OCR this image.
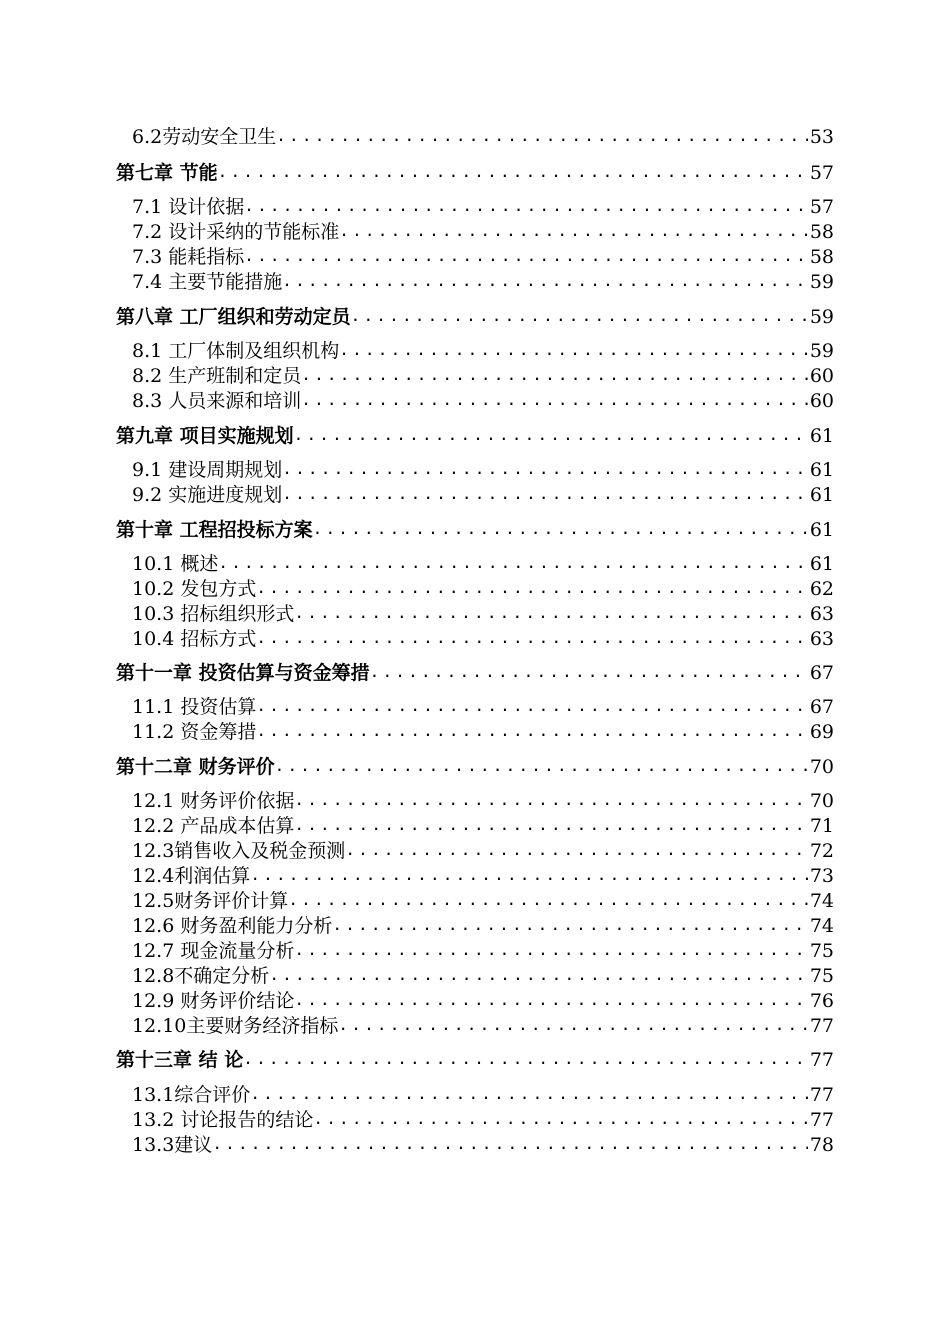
6.2劳动安全卫生 .....	53
第七章 节能 .....	57
7.1 设计依据 .....	57
7.2 设计采纳的节能标准 .....	58
7.3 能耗指标 .....	58
7.4 主要节能措施 .....	59
第八章 工厂组织和劳动定员 .....	59
8.1 工厂体制及组织机构 .....	59
8.2 生产班制和定员 .....	60
8.3 人员来源和培训 .....	60
第九章 项目实施规划 .....	61
9.1 建设周期规划 .....	61
9.2 实施进度规划 .....	61
第十章 工程招投标方案 .....	61
10.1 概述 .....	61
10.2 发包方式 .....	62
10.3 招标组织形式 .....	63
10.4 招标方式 .....	63
第十一章 投资估算与资金筹措 .....	67
11.1 投资估算 .....	67
11.2 资金筹措 .....	69
第十二章 财务评价 .....	70
12.1 财务评价依据 .....	70
12.2 产品成本估算 .....	71
12.3销售收入及税金预测 .....	72
12.4利润估算 .....	73
12.5财务评价计算 .....	74
12.6 财务盈利能力分析 .....	74
12.7 现金流量分析 .....	75
12.8不确定分析 .....	75
12.9 财务评价结论 .....	76
12.10主要财务经济指标 .....	77
第十三章 结 论 .....	77
13.1综合评价 .....	77
13.2 讨论报告的结论 .....	77
13.3建议 .....	78
